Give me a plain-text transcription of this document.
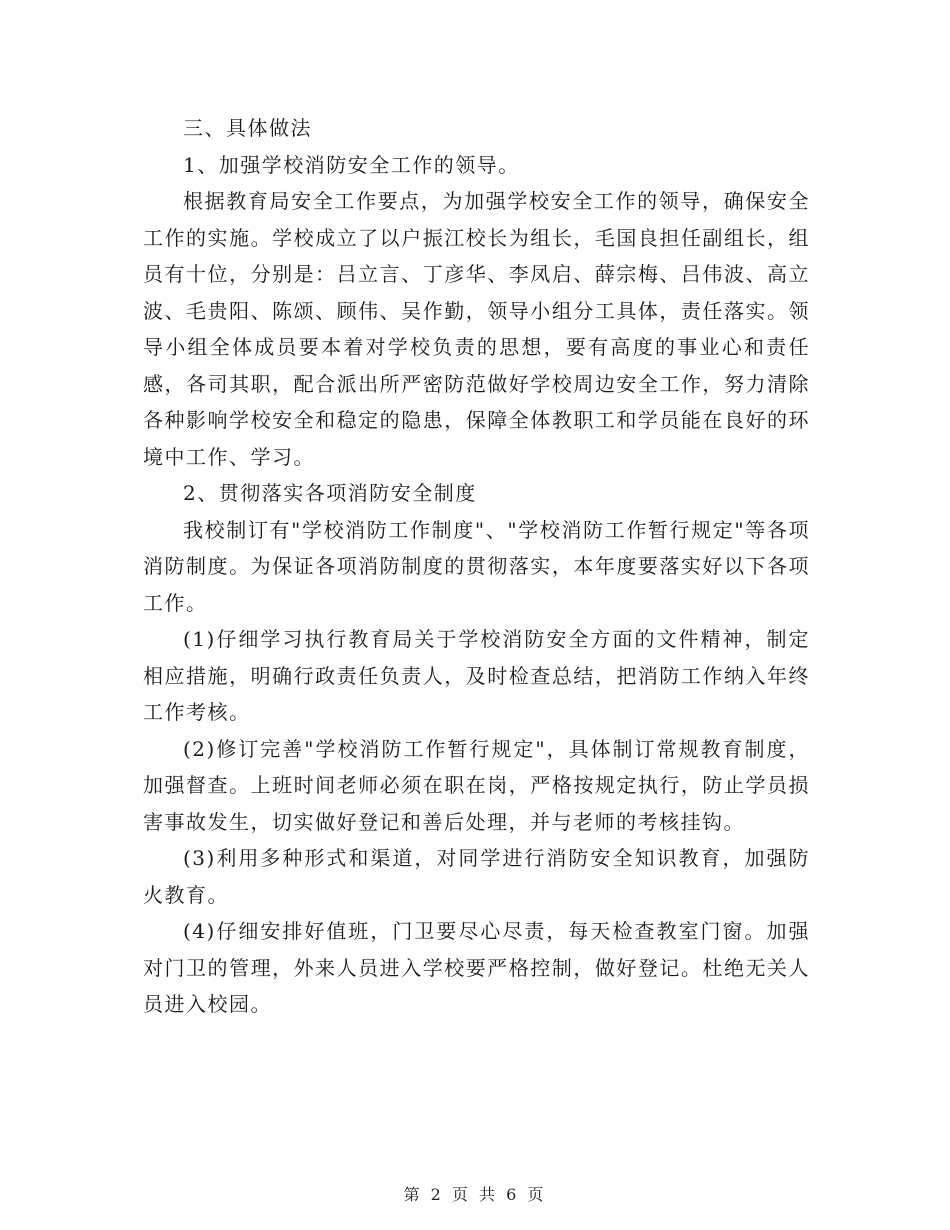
三、具体做法

1、加强学校消防安全工作的领导。

根据教育局安全工作要点，为加强学校安全工作的领导，确保安全工作的实施。学校成立了以户振江校长为组长，毛国良担任副组长，组员有十位，分别是：吕立言、丁彦华、李凤启、薛宗梅、吕伟波、高立波、毛贵阳、陈颂、顾伟、吴作勤，领导小组分工具体，责任落实。领导小组全体成员要本着对学校负责的思想，要有高度的事业心和责任感，各司其职，配合派出所严密防范做好学校周边安全工作，努力清除各种影响学校安全和稳定的隐患，保障全体教职工和学员能在良好的环境中工作、学习。

2、贯彻落实各项消防安全制度

我校制订有"学校消防工作制度"、"学校消防工作暂行规定"等各项消防制度。为保证各项消防制度的贯彻落实，本年度要落实好以下各项工作。

(1)仔细学习执行教育局关于学校消防安全方面的文件精神，制定相应措施，明确行政责任负责人，及时检查总结，把消防工作纳入年终工作考核。

(2)修订完善"学校消防工作暂行规定"，具体制订常规教育制度，加强督查。上班时间老师必须在职在岗，严格按规定执行，防止学员损害事故发生，切实做好登记和善后处理，并与老师的考核挂钩。

(3)利用多种形式和渠道，对同学进行消防安全知识教育，加强防火教育。

(4)仔细安排好值班，门卫要尽心尽责，每天检查教室门窗。加强对门卫的管理，外来人员进入学校要严格控制，做好登记。杜绝无关人员进入校园。

第 2 页 共 6 页
